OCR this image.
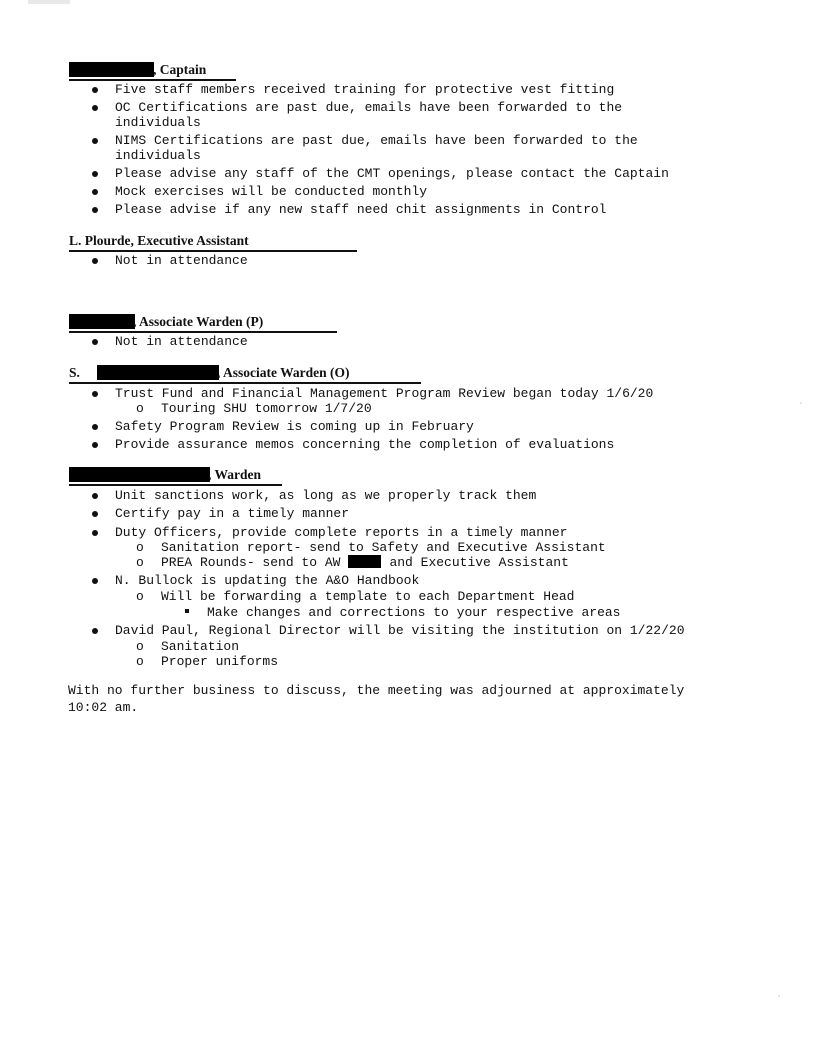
, Captain
Five staff members received training for protective vest fitting
OC Certifications are past due, emails have been forwarded to the
individuals
NIMS Certifications are past due, emails have been forwarded to the
individuals
Please advise any staff of the CMT openings, please contact the Captain
Mock exercises will be conducted monthly
Please advise if any new staff need chit assignments in Control
L. Plourde, Executive Assistant
Not in attendance
, Associate Warden (P)
Not in attendance
S.	, Associate Warden (O)
Trust Fund and Financial Management Program Review began today 1/6/20
o Touring SHU tomorrow 1/7/20
Safety Program Review is coming up in February
Provide assurance memos concerning the completion of evaluations
, Warden
Unit sanctions work, as long as we properly track them
Certify pay in a timely manner
Duty Officers, provide complete reports in a timely manner
o Sanitation report- send to Safety and Executive Assistant
o PREA Rounds- send to AW	and Executive Assistant
N. Bullock is updating the A&O Handbook
o Will be forwarding a template to each Department Head
Make changes and corrections to your respective areas
David Paul, Regional Director will be visiting the institution on 1/22/20
o Sanitation
o Proper uniforms
With no further business to discuss, the meeting was adjourned at approximately
10:02 am.
